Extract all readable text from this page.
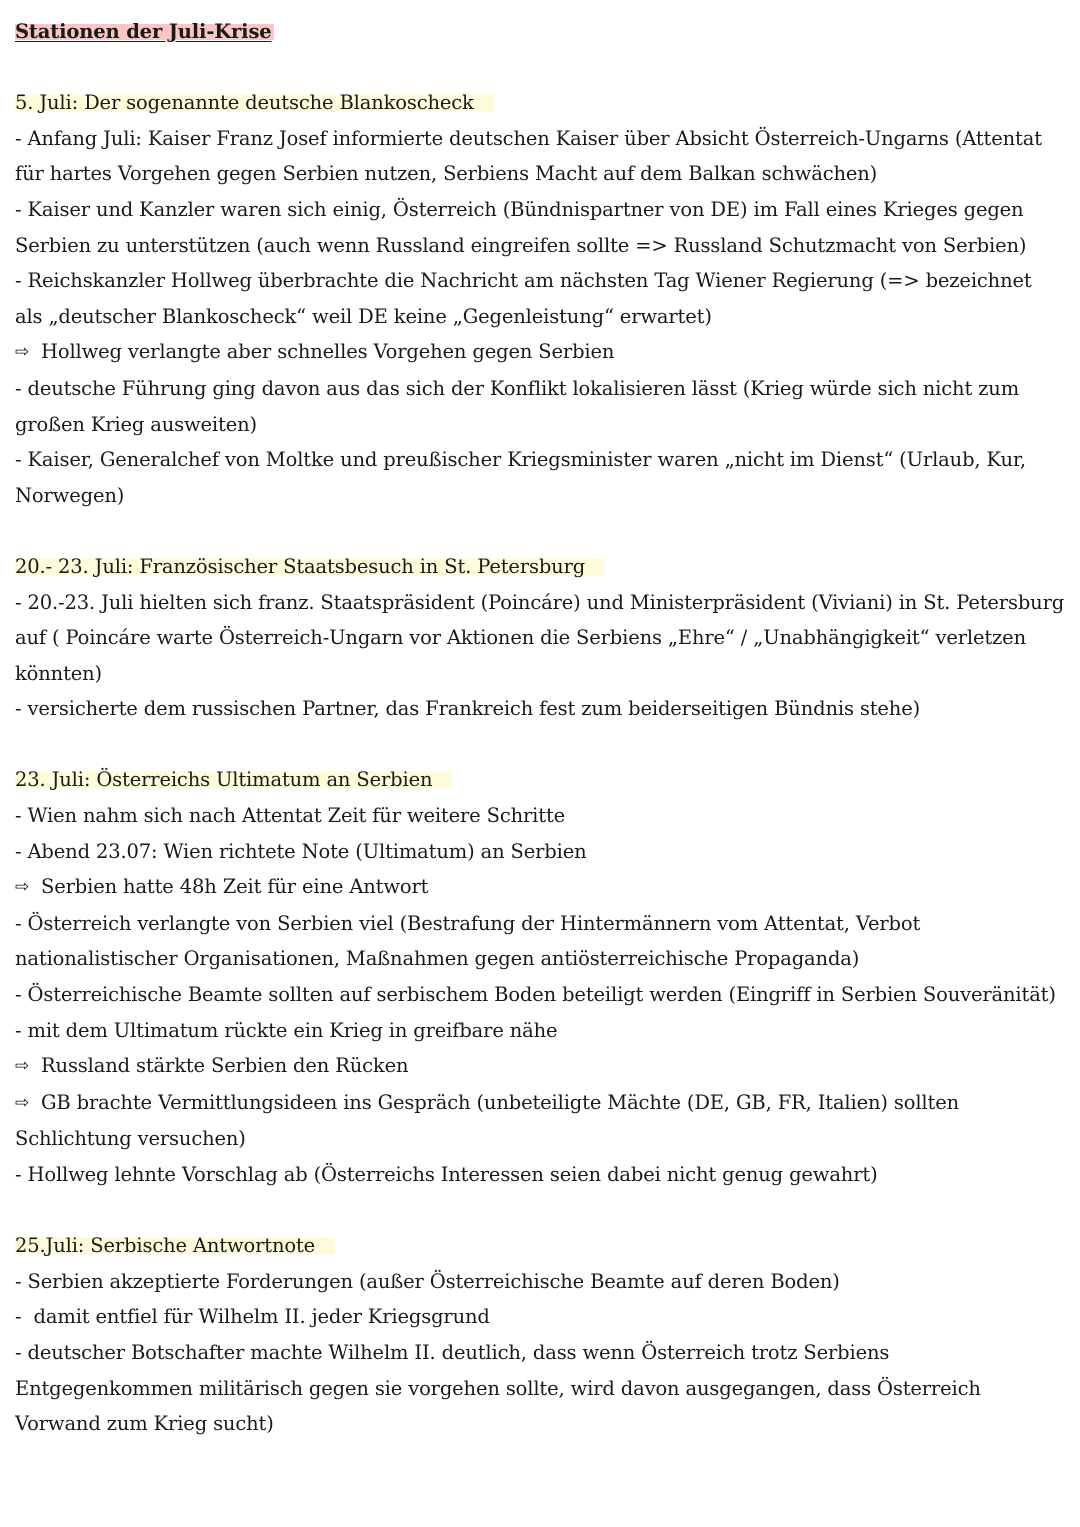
Stationen der Juli-Krise
5. Juli: Der sogenannte deutsche Blankoscheck

- Anfang Juli: Kaiser Franz Josef informierte deutschen Kaiser über Absicht Österreich-Ungarns (Attentat für hartes Vorgehen gegen Serbien nutzen, Serbiens Macht auf dem Balkan schwächen)

- Kaiser und Kanzler waren sich einig, Österreich (Bündnispartner von DE) im Fall eines Krieges gegen Serbien zu unterstützen (auch wenn Russland eingreifen sollte => Russland Schutzmacht von Serbien)

- Reichskanzler Hollweg überbrachte die Nachricht am nächsten Tag Wiener Regierung (=> bezeichnet als „deutscher Blankoscheck“ weil DE keine „Gegenleistung“ erwartet)

⇨ Hollweg verlangte aber schnelles Vorgehen gegen Serbien

- deutsche Führung ging davon aus das sich der Konflikt lokalisieren lässt (Krieg würde sich nicht zum großen Krieg ausweiten)

- Kaiser, Generalchef von Moltke und preußischer Kriegsminister waren „nicht im Dienst“ (Urlaub, Kur, Norwegen)

20.- 23. Juli: Französischer Staatsbesuch in St. Petersburg

- 20.-23. Juli hielten sich franz. Staatspräsident (Poincáre) und Ministerpräsident (Viviani) in St. Petersburg auf ( Poincáre warte Österreich-Ungarn vor Aktionen die Serbiens „Ehre“ / „Unabhängigkeit“ verletzen könnten)

- versicherte dem russischen Partner, das Frankreich fest zum beiderseitigen Bündnis stehe)

23. Juli: Österreichs Ultimatum an Serbien

- Wien nahm sich nach Attentat Zeit für weitere Schritte

- Abend 23.07: Wien richtete Note (Ultimatum) an Serbien

⇨ Serbien hatte 48h Zeit für eine Antwort

- Österreich verlangte von Serbien viel (Bestrafung der Hintermännern vom Attentat, Verbot nationalistischer Organisationen, Maßnahmen gegen antiösterreichische Propaganda)

- Österreichische Beamte sollten auf serbischem Boden beteiligt werden (Eingriff in Serbien Souveränität)

- mit dem Ultimatum rückte ein Krieg in greifbare nähe

⇨ Russland stärkte Serbien den Rücken

⇨ GB brachte Vermittlungsideen ins Gespräch (unbeteiligte Mächte (DE, GB, FR, Italien) sollten Schlichtung versuchen)

- Hollweg lehnte Vorschlag ab (Österreichs Interessen seien dabei nicht genug gewahrt)

25.Juli: Serbische Antwortnote

- Serbien akzeptierte Forderungen (außer Österreichische Beamte auf deren Boden)

-  damit entfiel für Wilhelm II. jeder Kriegsgrund

- deutscher Botschafter machte Wilhelm II. deutlich, dass wenn Österreich trotz Serbiens Entgegenkommen militärisch gegen sie vorgehen sollte, wird davon ausgegangen, dass Österreich Vorwand zum Krieg sucht)
